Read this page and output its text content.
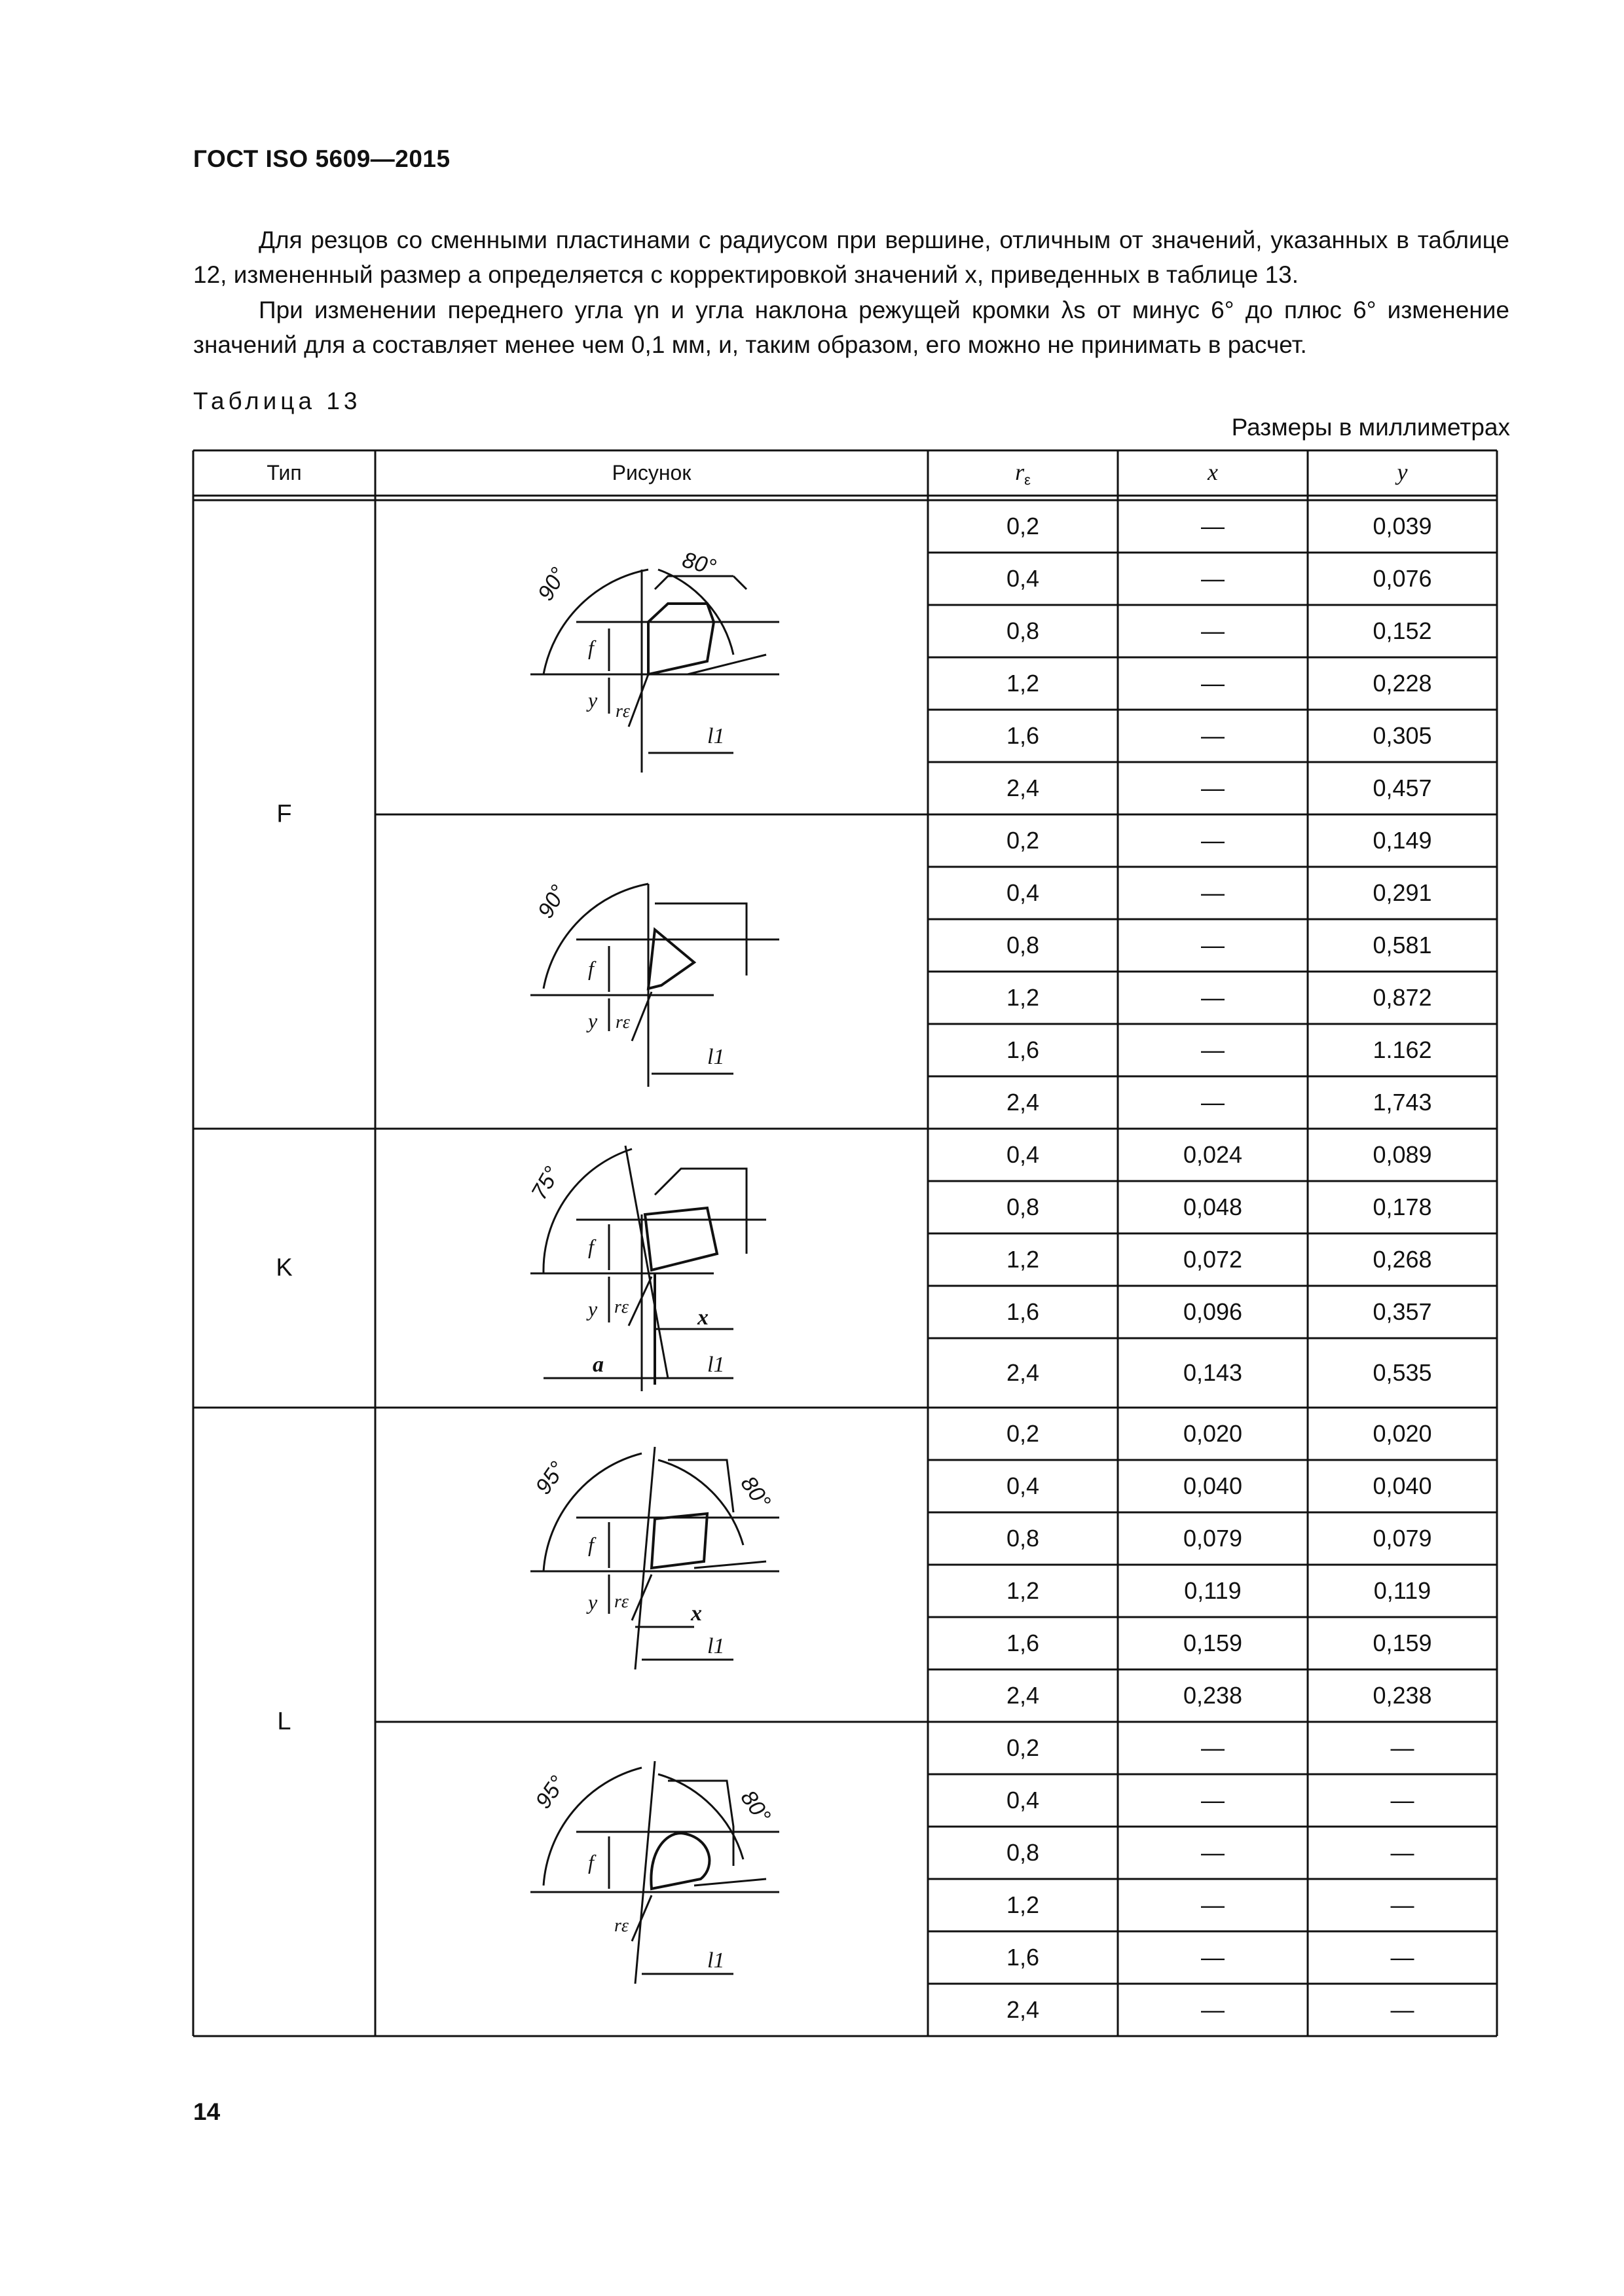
ГОСТ ISO 5609—2015
Для резцов со сменными пластинами с радиусом при вершине, отличным от значений, указанных в таблице 12, измененный размер a определяется с корректировкой значений x, приведенных в таблице 13.
При изменении переднего угла γn и угла наклона режущей кромки λs от минус 6° до плюс 6° изменение значений для a составляет менее чем 0,1 мм, и, таким образом, его можно не принимать в расчет.
Таблица 13
Размеры в миллиметрах
Тип	Рисунок	$r_\varepsilon$	x	y
F
K
L
0,2	—	0,039
0,4	—	0,076
0,8	—	0,152
1,2	—	0,228
1,6	—	0,305
2,4	—	0,457
0,2	—	0,149
0,4	—	0,291
0,8	—	0,581
1,2	—	0,872
1,6	—	1.162
2,4	—	1,743
0,4	0,024	0,089
0,8	0,048	0,178
1,2	0,072	0,268
1,6	0,096	0,357
2,4	0,143	0,535
0,2	0,020	0,020
0,4	0,040	0,040
0,8	0,079	0,079
1,2	0,119	0,119
1,6	0,159	0,159
2,4	0,238	0,238
0,2	—	—
0,4	—	—
0,8	—	—
1,2	—	—
1,6	—	—
2,4	—	—
90°	80°
f
y rε
l1
90°
f
y rε
l1
75°
f
y rε	x
a	l1
95°	80°
f
y rε	x
l1
95°	80°
f
rε
l1
14
